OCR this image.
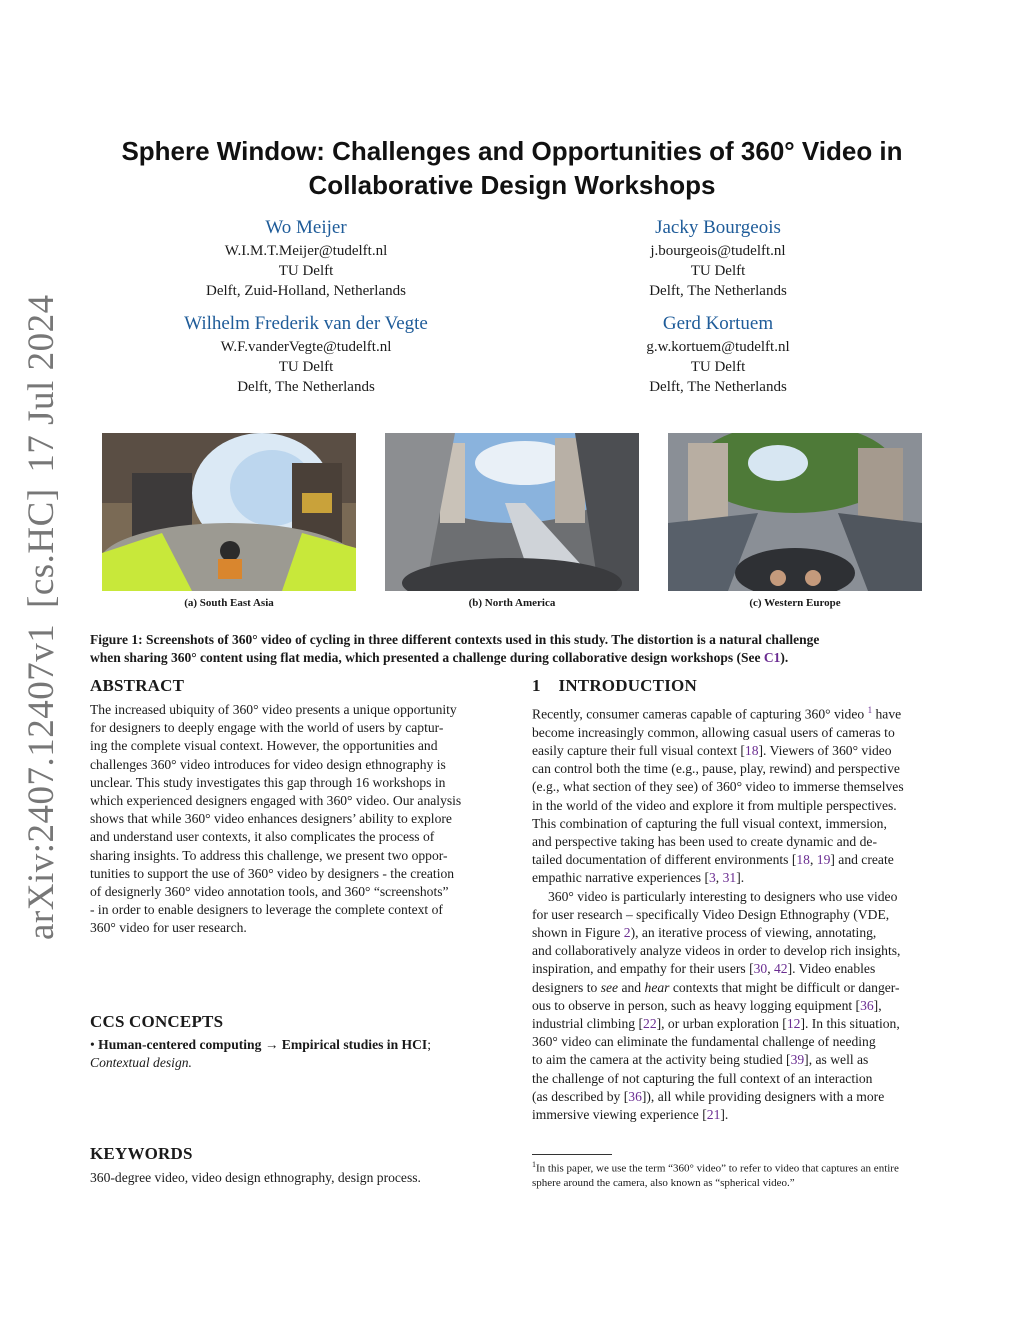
arXiv:2407.12407v1 [cs.HC] 17 Jul 2024
Sphere Window: Challenges and Opportunities of 360° Video in
Collaborative Design Workshops
Wo Meijer
W.I.M.T.Meijer@tudelft.nl
TU Delft
Delft, Zuid-Holland, Netherlands
Jacky Bourgeois
j.bourgeois@tudelft.nl
TU Delft
Delft, The Netherlands
Wilhelm Frederik van der Vegte
W.F.vanderVegte@tudelft.nl
TU Delft
Delft, The Netherlands
Gerd Kortuem
g.w.kortuem@tudelft.nl
TU Delft
Delft, The Netherlands
(a) South East Asia	(b) North America	(c) Western Europe
Figure 1: Screenshots of 360° video of cycling in three different contexts used in this study. The distortion is a natural challenge
when sharing 360° content using flat media, which presented a challenge during collaborative design workshops (See C1).
ABSTRACT
The increased ubiquity of 360° video presents a unique opportunity
for designers to deeply engage with the world of users by captur-
ing the complete visual context. However, the opportunities and
challenges 360° video introduces for video design ethnography is
unclear. This study investigates this gap through 16 workshops in
which experienced designers engaged with 360° video. Our analysis
shows that while 360° video enhances designers’ ability to explore
and understand user contexts, it also complicates the process of
sharing insights. To address this challenge, we present two oppor-
tunities to support the use of 360° video by designers - the creation
of designerly 360° video annotation tools, and 360° “screenshots”
- in order to enable designers to leverage the complete context of
360° video for user research.
CCS CONCEPTS
• Human-centered computing → Empirical studies in HCI;
Contextual design.
KEYWORDS
360-degree video, video design ethnography, design process.
1    INTRODUCTION
Recently, consumer cameras capable of capturing 360° video $^1$ have
become increasingly common, allowing casual users of cameras to
easily capture their full visual context [18]. Viewers of 360° video
can control both the time (e.g., pause, play, rewind) and perspective
(e.g., what section of they see) of 360° video to immerse themselves
in the world of the video and explore it from multiple perspectives.
This combination of capturing the full visual context, immersion,
and perspective taking has been used to create dynamic and de-
tailed documentation of different environments [18, 19] and create
empathic narrative experiences [3, 31].
360° video is particularly interesting to designers who use video
for user research – specifically Video Design Ethnography (VDE,
shown in Figure 2), an iterative process of viewing, annotating,
and collaboratively analyze videos in order to develop rich insights,
inspiration, and empathy for their users [30, 42]. Video enables
designers to see and hear contexts that might be difficult or danger-
ous to observe in person, such as heavy logging equipment [36],
industrial climbing [22], or urban exploration [12]. In this situation,
360° video can eliminate the fundamental challenge of needing
to aim the camera at the activity being studied [39], as well as
the challenge of not capturing the full context of an interaction
(as described by [36]), all while providing designers with a more
immersive viewing experience [21].
$^1$In this paper, we use the term “360° video” to refer to video that captures an entire
sphere around the camera, also known as “spherical video.”
